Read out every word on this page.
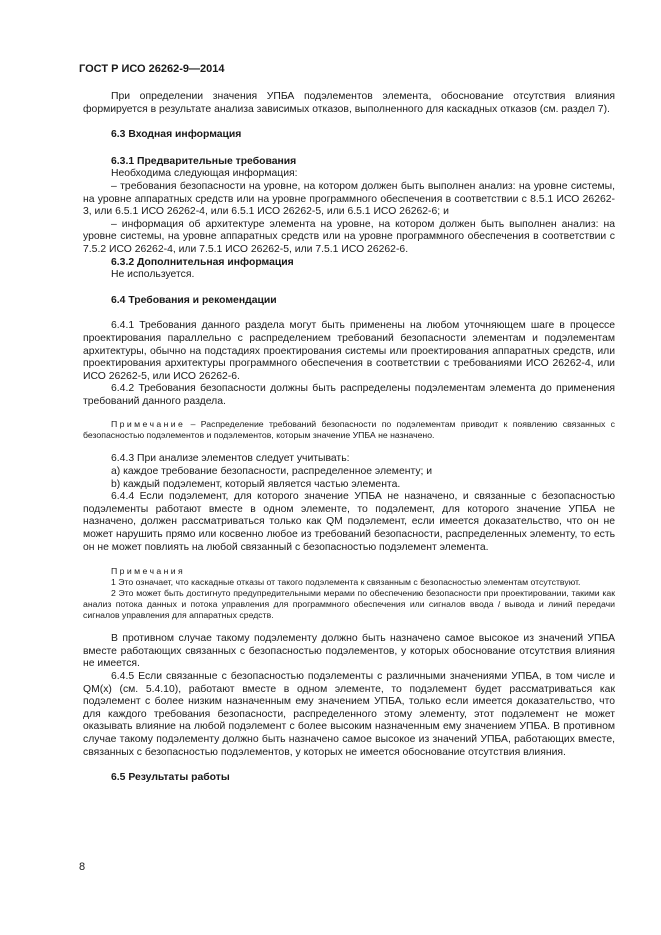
ГОСТ Р ИСО 26262-9—2014

При определении значения УПБА подэлементов элемента, обоснование отсутствия влияния формируется в результате анализа зависимых отказов, выполненного для каскадных отказов (см. раздел 7).

6.3 Входная информация

6.3.1 Предварительные требования

Необходима следующая информация:

– требования безопасности на уровне, на котором должен быть выполнен анализ: на уровне системы, на уровне аппаратных средств или на уровне программного обеспечения в соответствии с 8.5.1 ИСО 26262-3, или 6.5.1 ИСО 26262-4, или 6.5.1 ИСО 26262-5, или 6.5.1 ИСО 26262-6; и

– информация об архитектуре элемента на уровне, на котором должен быть выполнен анализ: на уровне системы, на уровне аппаратных средств или на уровне программного обеспечения в соответствии с 7.5.2 ИСО 26262-4, или 7.5.1 ИСО 26262-5, или 7.5.1 ИСО 26262-6.

6.3.2 Дополнительная информация

Не используется.

6.4 Требования и рекомендации

6.4.1 Требования данного раздела могут быть применены на любом уточняющем шаге в процессе проектирования параллельно с распределением требований безопасности элементам и подэлементам архитектуры, обычно на подстадиях проектирования системы или проектирования аппаратных средств, или проектирования архитектуры программного обеспечения в соответствии с требованиями ИСО 26262-4, или ИСО 26262-5, или ИСО 26262-6.

6.4.2 Требования безопасности должны быть распределены подэлементам элемента до применения требований данного раздела.

Примечание – Распределение требований безопасности по подэлементам приводит к появлению связанных с безопасностью подэлементов и подэлементов, которым значение УПБА не назначено.

6.4.3 При анализе элементов следует учитывать:

a) каждое требование безопасности, распределенное элементу; и

b) каждый подэлемент, который является частью элемента.

6.4.4 Если подэлемент, для которого значение УПБА не назначено, и связанные с безопасностью подэлементы работают вместе в одном элементе, то подэлемент, для которого значение УПБА не назначено, должен рассматриваться только как QM подэлемент, если имеется доказательство, что он не может нарушить прямо или косвенно любое из требований безопасности, распределенных элементу, то есть он не может повлиять на любой связанный с безопасностью подэлемент элемента.

Примечания

1 Это означает, что каскадные отказы от такого подэлемента к связанным с безопасностью элементам отсутствуют.

2 Это может быть достигнуто предупредительными мерами по обеспечению безопасности при проектировании, такими как анализ потока данных и потока управления для программного обеспечения или сигналов ввода / вывода и линий передачи сигналов управления для аппаратных средств.

В противном случае такому подэлементу должно быть назначено самое высокое из значений УПБА вместе работающих связанных с безопасностью подэлементов, у которых обоснование отсутствия влияния не имеется.

6.4.5 Если связанные с безопасностью подэлементы с различными значениями УПБА, в том числе и QM(x) (см. 5.4.10), работают вместе в одном элементе, то подэлемент будет рассматриваться как подэлемент с более низким назначенным ему значением УПБА, только если имеется доказательство, что для каждого требования безопасности, распределенного этому элементу, этот подэлемент не может оказывать влияние на любой подэлемент с более высоким назначенным ему значением УПБА. В противном случае такому подэлементу должно быть назначено самое высокое из значений УПБА, работающих вместе, связанных с безопасностью подэлементов, у которых не имеется обоснование отсутствия влияния.

6.5 Результаты работы

8
